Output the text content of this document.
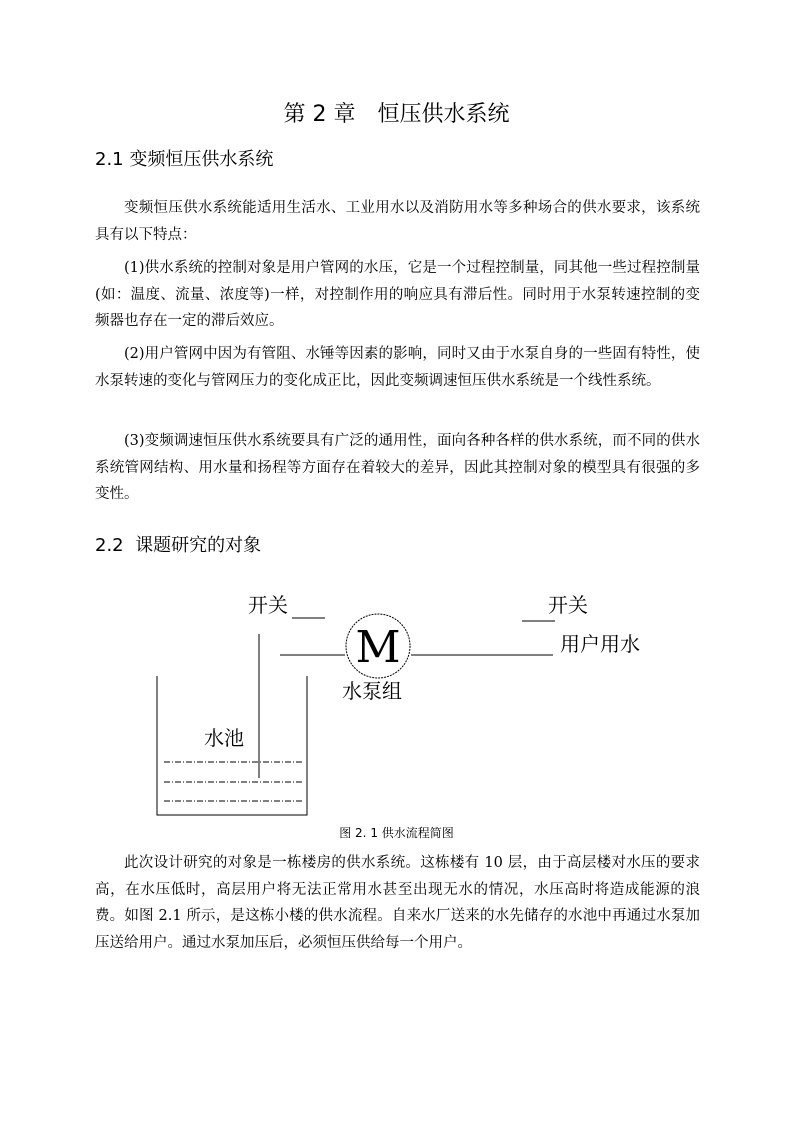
第 2 章　恒压供水系统
2.1 变频恒压供水系统

变频恒压供水系统能适用生活水、工业用水以及消防用水等多种场合的供水要求，该系统具有以下特点：

(1)供水系统的控制对象是用户管网的水压，它是一个过程控制量，同其他一些过程控制量(如：温度、流量、浓度等)一样，对控制作用的响应具有滞后性。同时用于水泵转速控制的变频器也存在一定的滞后效应。

(2)用户管网中因为有管阻、水锤等因素的影响，同时又由于水泵自身的一些固有特性，使水泵转速的变化与管网压力的变化成正比，因此变频调速恒压供水系统是一个线性系统。

(3)变频调速恒压供水系统要具有广泛的通用性，面向各种各样的供水系统，而不同的供水系统管网结构、用水量和扬程等方面存在着较大的差异，因此其控制对象的模型具有很强的多变性。

2.2  课题研究的对象
开关	开关
M	用户用水
水泵组
水池

图 2. 1 供水流程简图

此次设计研究的对象是一栋楼房的供水系统。这栋楼有 10 层，由于高层楼对水压的要求高，在水压低时，高层用户将无法正常用水甚至出现无水的情况，水压高时将造成能源的浪费。如图 2.1 所示，是这栋小楼的供水流程。自来水厂送来的水先储存的水池中再通过水泵加压送给用户。通过水泵加压后，必须恒压供给每一个用户。
